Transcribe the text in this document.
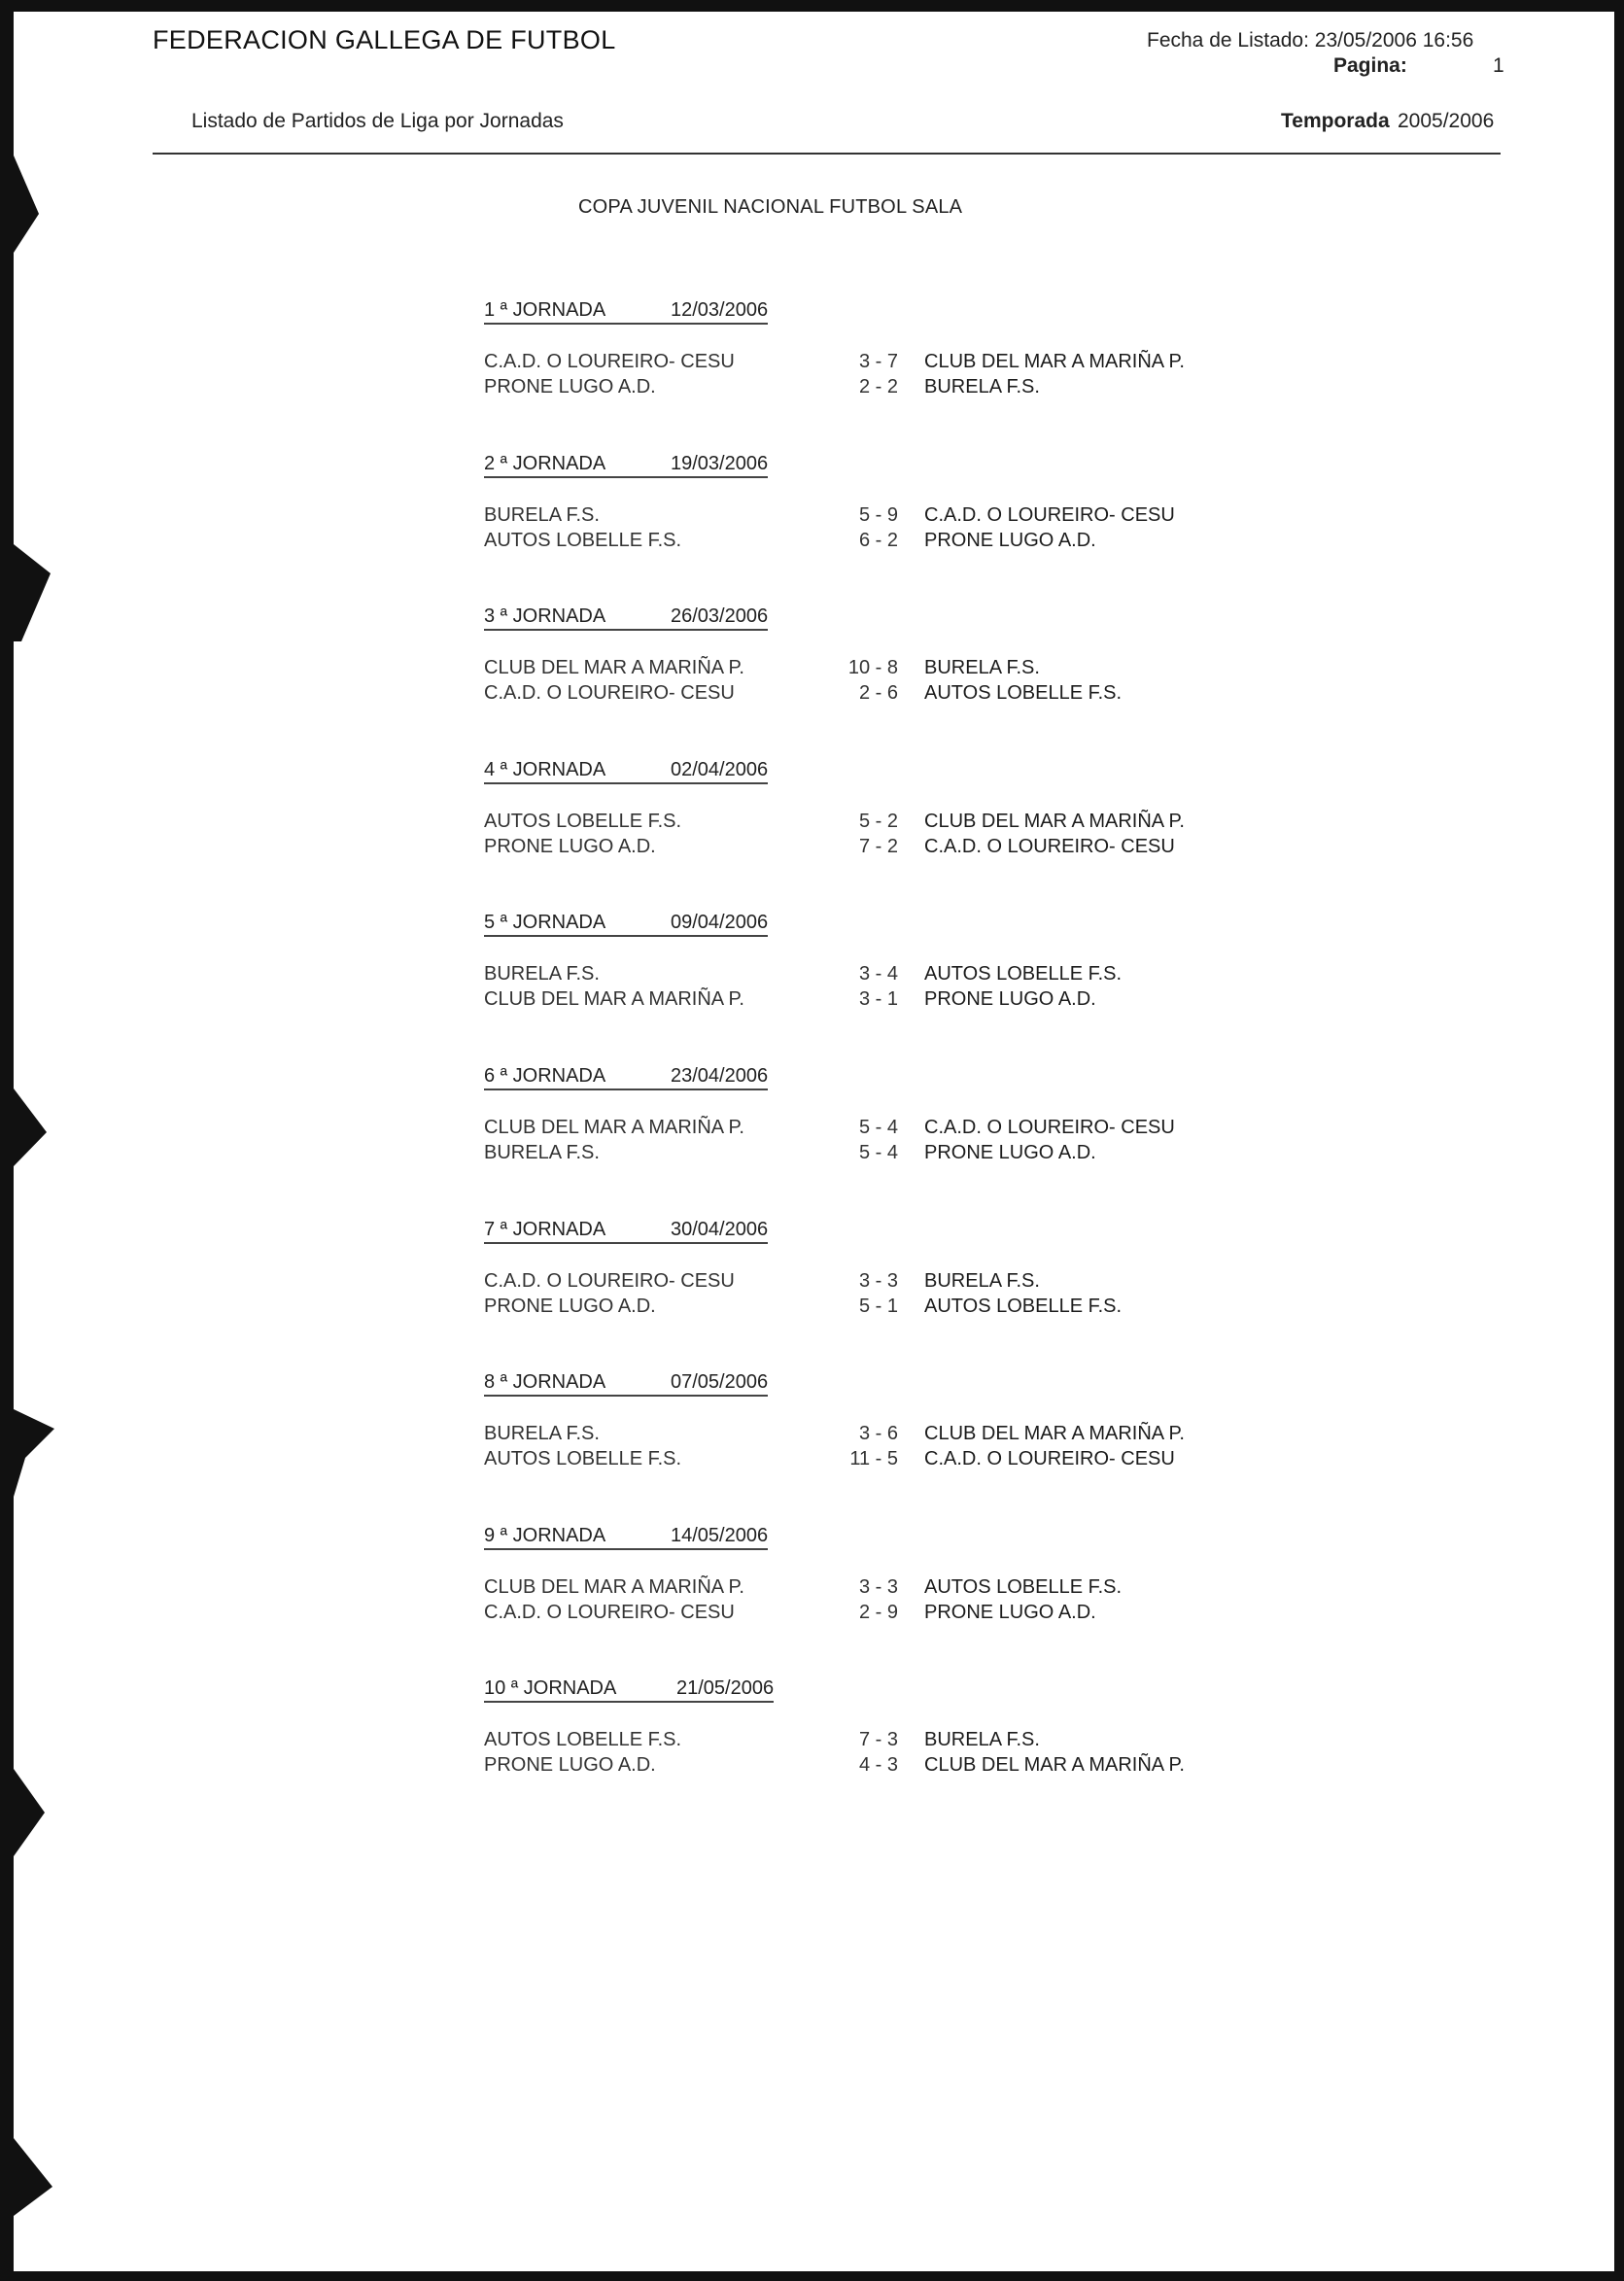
FEDERACION GALLEGA DE FUTBOL
Listado de Partidos de Liga por Jornadas
Fecha de Listado: 23/05/2006 16:56
Pagina:	1
Temporada 2005/2006
COPA JUVENIL NACIONAL FUTBOL SALA
1 ª JORNADA	12/03/2006
C.A.D. O LOUREIRO- CESU	3 - 7 CLUB DEL MAR A MARIÑA P.
PRONE LUGO A.D.	2 - 2 BURELA F.S.
2 ª JORNADA	19/03/2006
BURELA F.S.	5 - 9 C.A.D. O LOUREIRO- CESU
AUTOS LOBELLE F.S.	6 - 2 PRONE LUGO A.D.
3 ª JORNADA	26/03/2006
CLUB DEL MAR A MARIÑA P.	10 - 8 BURELA F.S.
C.A.D. O LOUREIRO- CESU	2 - 6 AUTOS LOBELLE F.S.
4 ª JORNADA	02/04/2006
AUTOS LOBELLE F.S.	5 - 2 CLUB DEL MAR A MARIÑA P.
PRONE LUGO A.D.	7 - 2 C.A.D. O LOUREIRO- CESU
5 ª JORNADA	09/04/2006
BURELA F.S.	3 - 4 AUTOS LOBELLE F.S.
CLUB DEL MAR A MARIÑA P.	3 - 1 PRONE LUGO A.D.
6 ª JORNADA	23/04/2006
CLUB DEL MAR A MARIÑA P.	5 - 4 C.A.D. O LOUREIRO- CESU
BURELA F.S.	5 - 4 PRONE LUGO A.D.
7 ª JORNADA	30/04/2006
C.A.D. O LOUREIRO- CESU	3 - 3 BURELA F.S.
PRONE LUGO A.D.	5 - 1 AUTOS LOBELLE F.S.
8 ª JORNADA	07/05/2006
BURELA F.S.	3 - 6 CLUB DEL MAR A MARIÑA P.
AUTOS LOBELLE F.S.	11 - 5 C.A.D. O LOUREIRO- CESU
9 ª JORNADA	14/05/2006
CLUB DEL MAR A MARIÑA P.	3 - 3 AUTOS LOBELLE F.S.
C.A.D. O LOUREIRO- CESU	2 - 9 PRONE LUGO A.D.
10 ª JORNADA	21/05/2006
AUTOS LOBELLE F.S.	7 - 3 BURELA F.S.
PRONE LUGO A.D.	4 - 3 CLUB DEL MAR A MARIÑA P.
